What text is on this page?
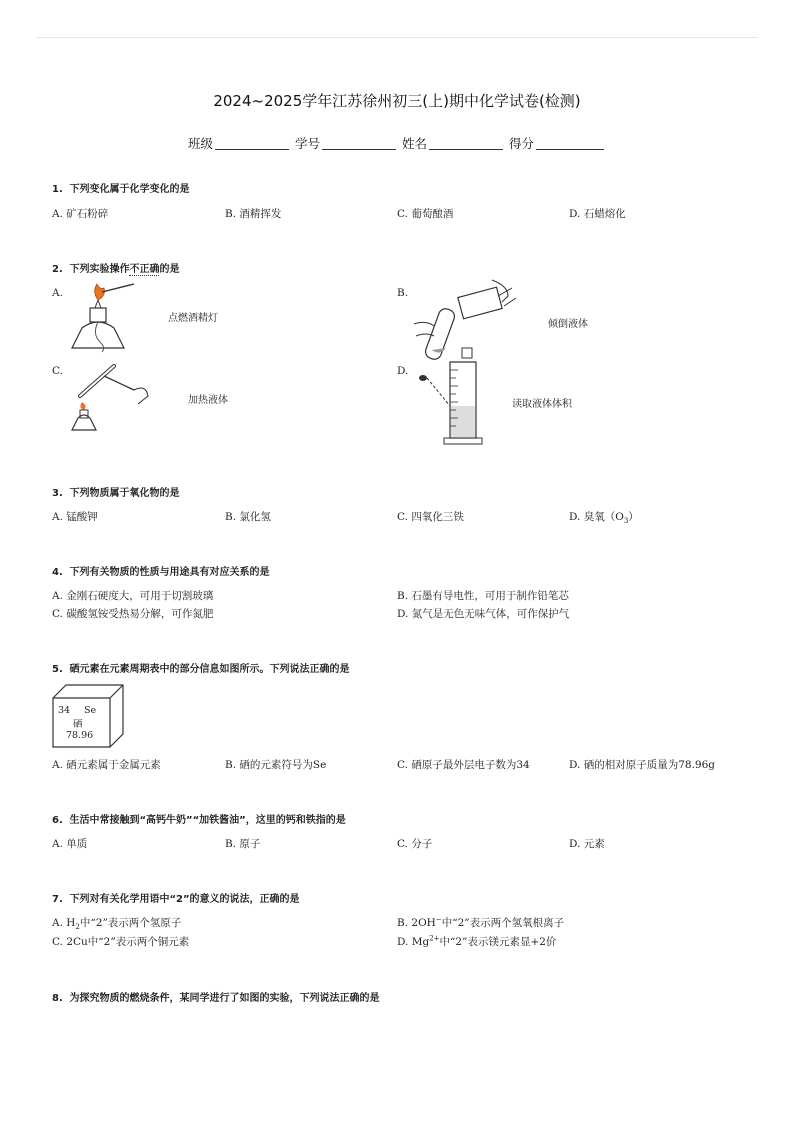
2024~2025学年江苏徐州初三(上)期中化学试卷(检测)
班级	学号	姓名	得分
1. 下列变化属于化学变化的是
A. 矿石粉碎	B. 酒精挥发	C. 葡萄酿酒	D. 石蜡熔化
2. 下列实验操作不正确的是
A.	B.
C.	D.
点燃酒精灯
倾倒液体
加热液体	读取液体体积
3. 下列物质属于氧化物的是
A. 锰酸钾	B. 氯化氢	C. 四氧化三铁	D. 臭氧$(O_3)$
4. 下列有关物质的性质与用途具有对应关系的是
A. 金刚石硬度大，可用于切割玻璃	B. 石墨有导电性，可用于制作铅笔芯
C. 碳酸氢铵受热易分解，可作氮肥	D. 氮气是无色无味气体，可作保护气
5. 硒元素在元素周期表中的部分信息如图所示。下列说法正确的是
34 Se
硒
78.96
A. 硒元素属于金属元素	B. 硒的元素符号为Se	C. 硒原子最外层电子数为34	D. 硒的相对原子质量为78.96g
6. 生活中常接触到“高钙牛奶”“加铁酱油”，这里的钙和铁指的是
A. 单质	B. 原子	C. 分子	D. 元素
7. 下列对有关化学用语中“2”的意义的说法，正确的是
A. $H_2$中“2”表示两个氢原子	B. 2OH−中“2”表示两个氢氧根离子
C. 2Cu中“2”表示两个铜元素	D. $Mg^{2+}$中“2”表示镁元素显+2价
8. 为探究物质的燃烧条件，某同学进行了如图的实验，下列说法正确的是
